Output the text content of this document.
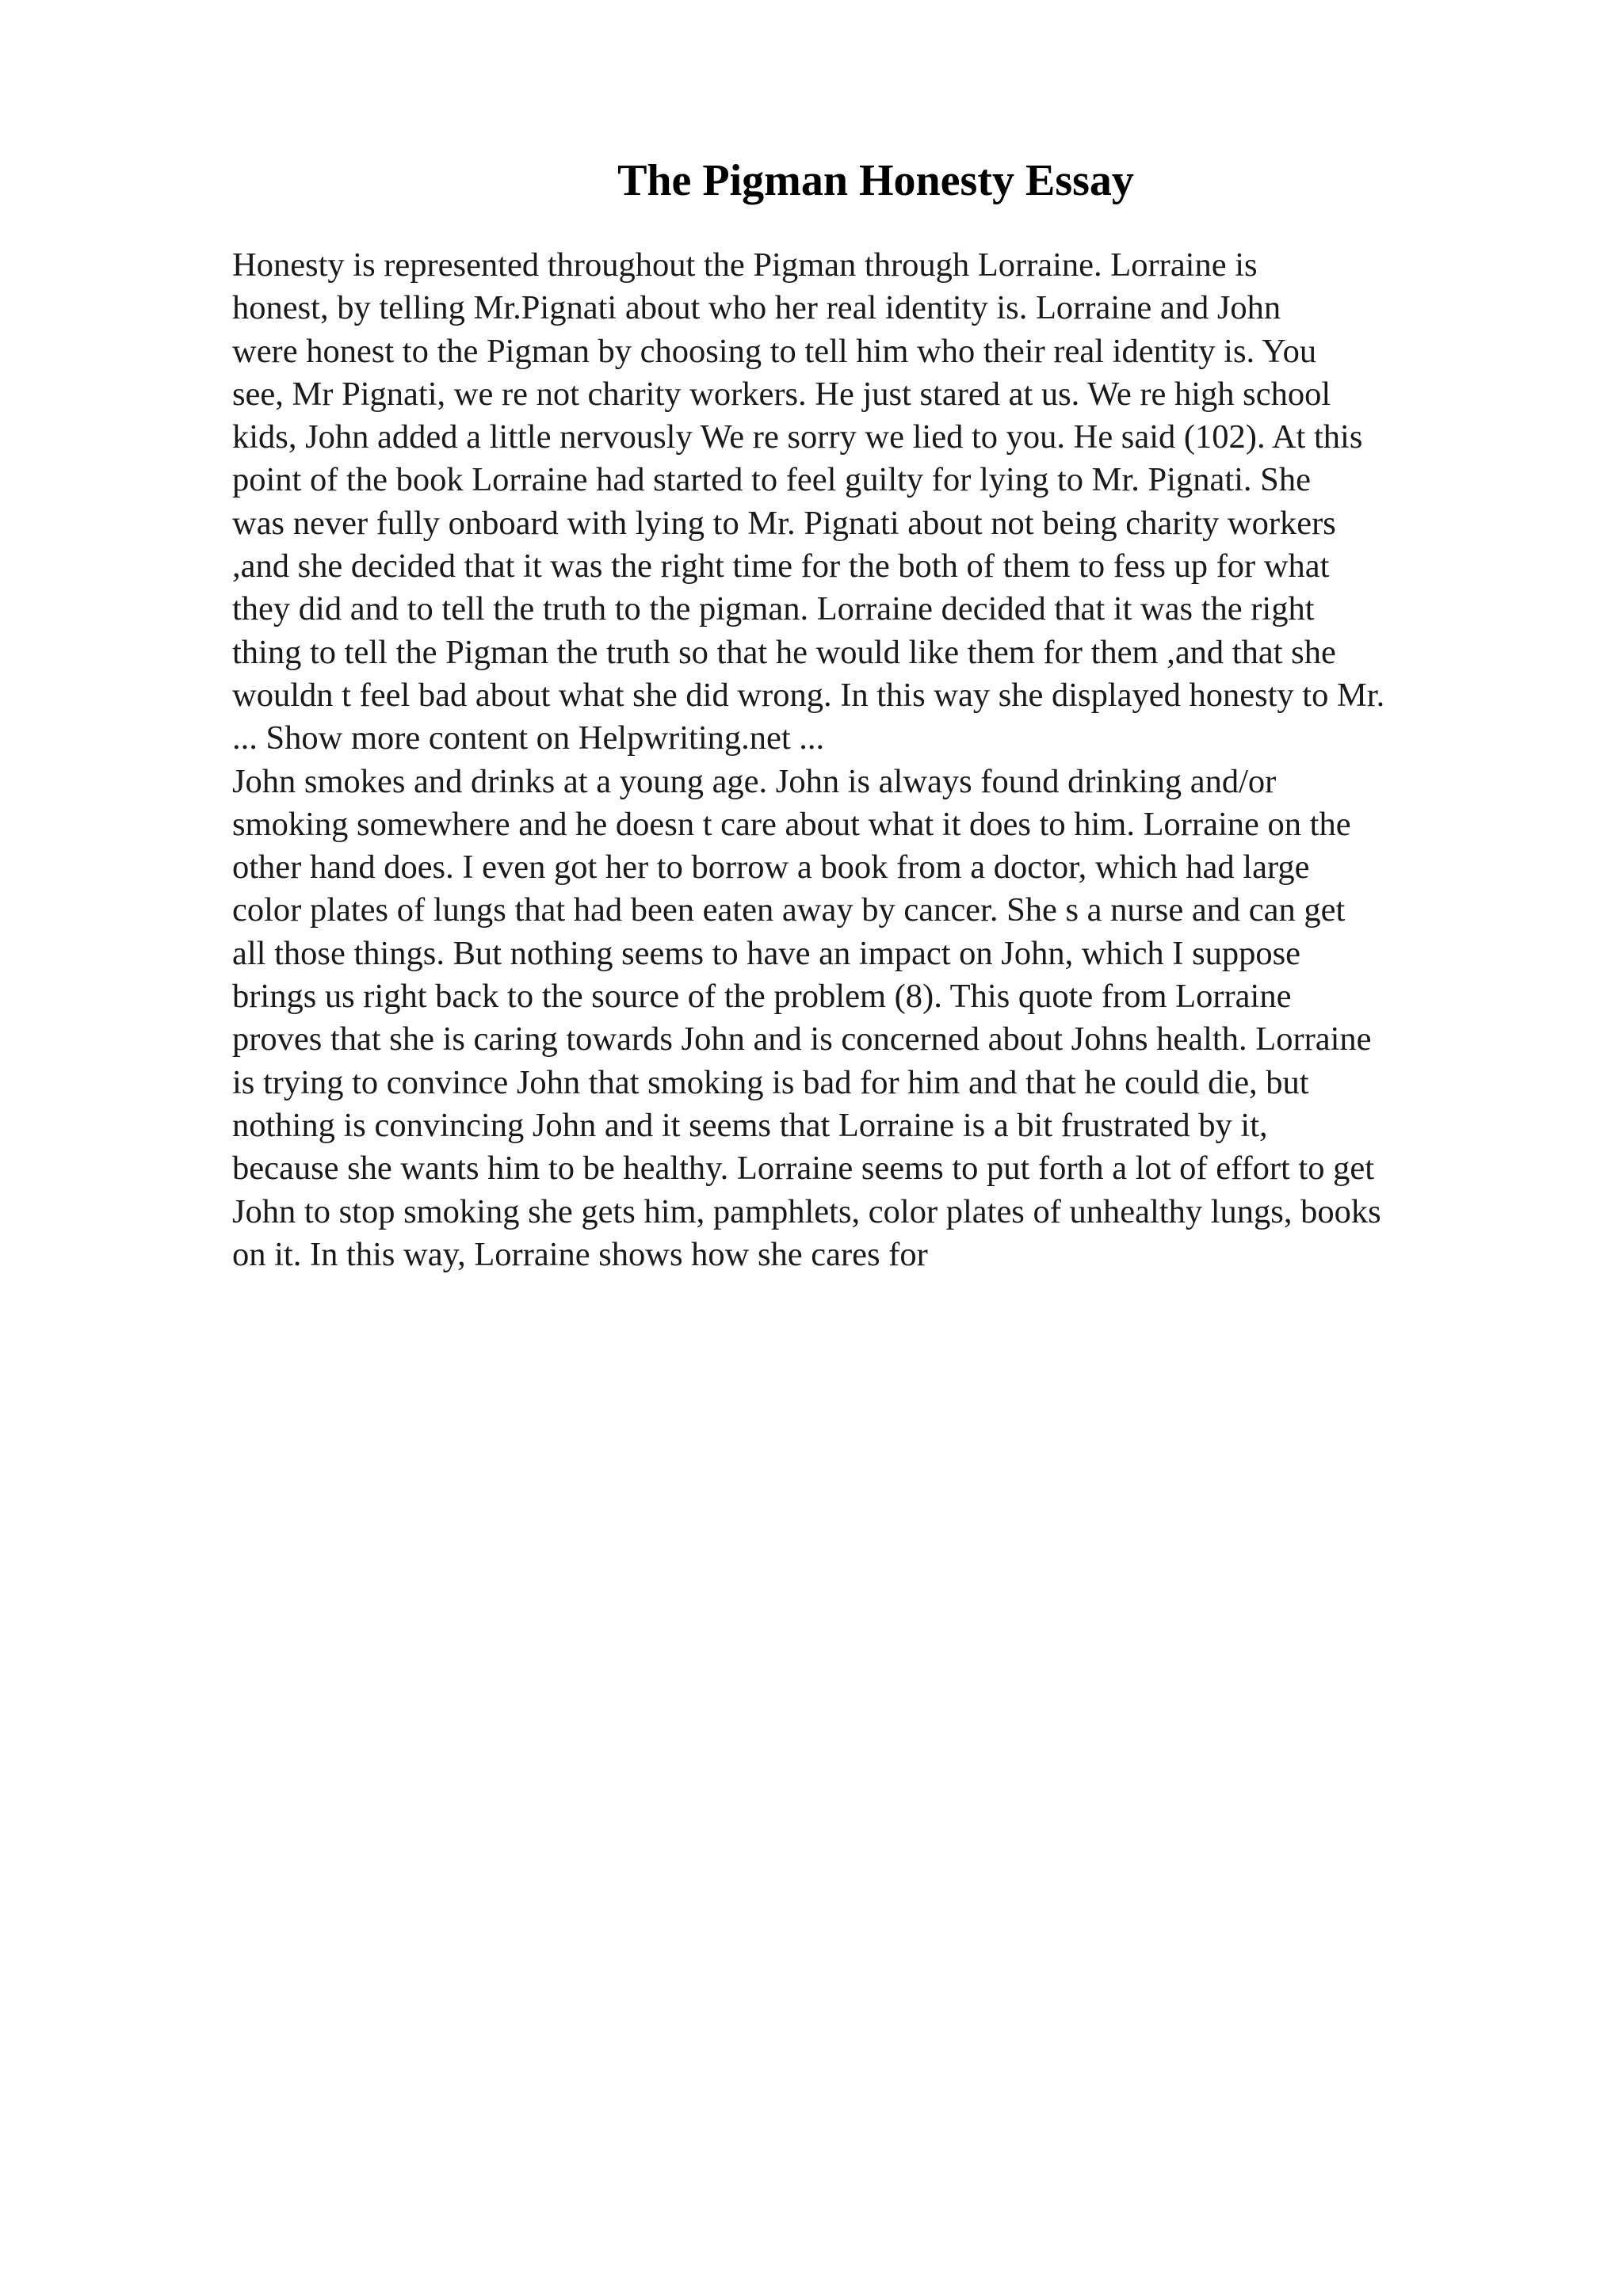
The Pigman Honesty Essay
Honesty is represented throughout the Pigman through Lorraine. Lorraine is
honest, by telling Mr.Pignati about who her real identity is. Lorraine and John
were honest to the Pigman by choosing to tell him who their real identity is. You
see, Mr Pignati, we re not charity workers. He just stared at us. We re high school
kids, John added a little nervously We re sorry we lied to you. He said (102). At this
point of the book Lorraine had started to feel guilty for lying to Mr. Pignati. She
was never fully onboard with lying to Mr. Pignati about not being charity workers
,and she decided that it was the right time for the both of them to fess up for what
they did and to tell the truth to the pigman. Lorraine decided that it was the right
thing to tell the Pigman the truth so that he would like them for them ,and that she
wouldn t feel bad about what she did wrong. In this way she displayed honesty to Mr.
... Show more content on Helpwriting.net ...
John smokes and drinks at a young age. John is always found drinking and/or
smoking somewhere and he doesn t care about what it does to him. Lorraine on the
other hand does. I even got her to borrow a book from a doctor, which had large
color plates of lungs that had been eaten away by cancer. She s a nurse and can get
all those things. But nothing seems to have an impact on John, which I suppose
brings us right back to the source of the problem (8). This quote from Lorraine
proves that she is caring towards John and is concerned about Johns health. Lorraine
is trying to convince John that smoking is bad for him and that he could die, but
nothing is convincing John and it seems that Lorraine is a bit frustrated by it,
because she wants him to be healthy. Lorraine seems to put forth a lot of effort to get
John to stop smoking she gets him, pamphlets, color plates of unhealthy lungs, books
on it. In this way, Lorraine shows how she cares for
